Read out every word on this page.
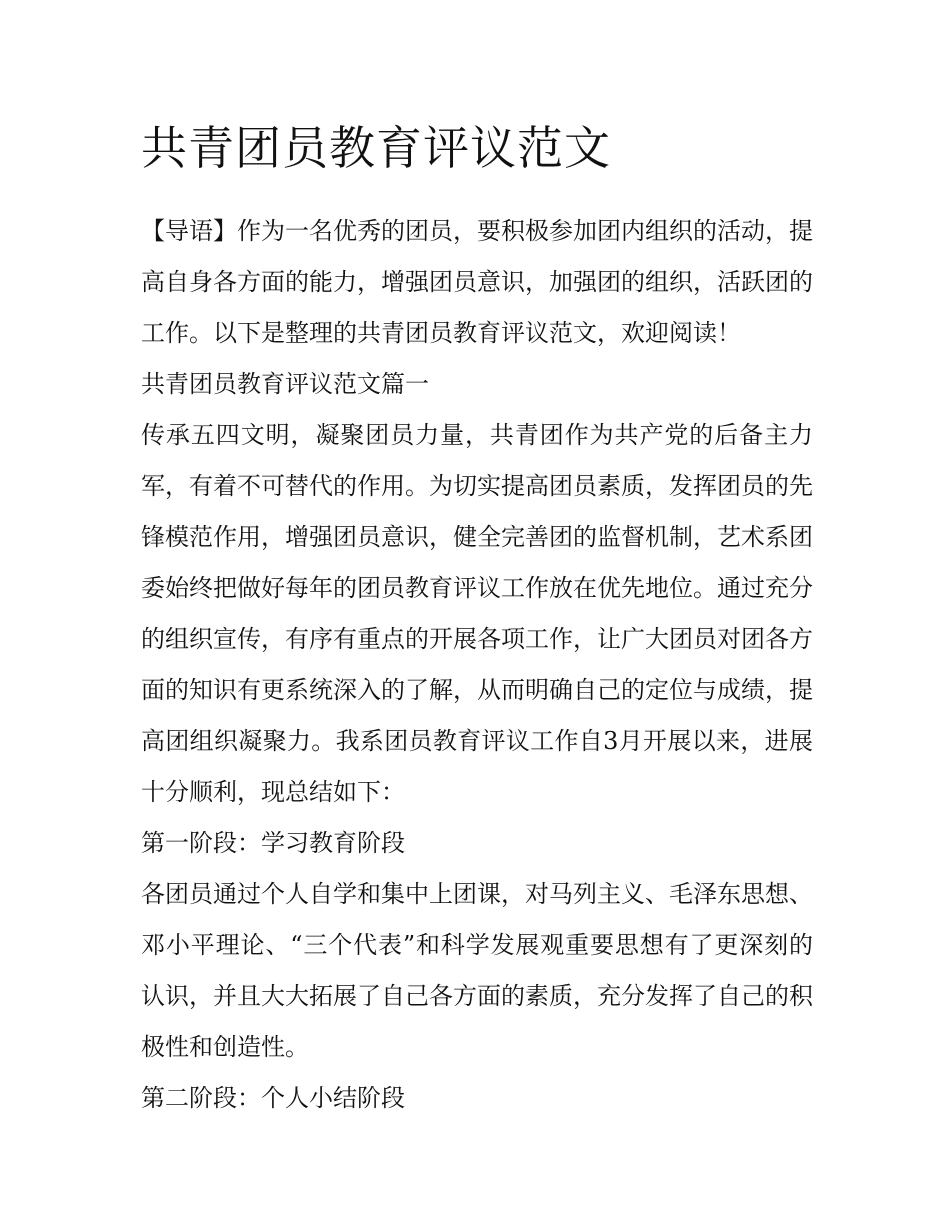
共青团员教育评议范文

【导语】作为一名优秀的团员，要积极参加团内组织的活动，提高自身各方面的能力，增强团员意识，加强团的组织，活跃团的工作。以下是整理的共青团员教育评议范文，欢迎阅读！

共青团员教育评议范文篇一

传承五四文明，凝聚团员力量，共青团作为共产党的后备主力军，有着不可替代的作用。为切实提高团员素质，发挥团员的先锋模范作用，增强团员意识，健全完善团的监督机制，艺术系团委始终把做好每年的团员教育评议工作放在优先地位。通过充分的组织宣传，有序有重点的开展各项工作，让广大团员对团各方面的知识有更系统深入的了解，从而明确自己的定位与成绩，提高团组织凝聚力。我系团员教育评议工作自3月开展以来，进展十分顺利，现总结如下：

第一阶段：学习教育阶段

各团员通过个人自学和集中上团课，对马列主义、毛泽东思想、邓小平理论、“三个代表”和科学发展观重要思想有了更深刻的认识，并且大大拓展了自己各方面的素质，充分发挥了自己的积极性和创造性。

第二阶段：个人小结阶段
